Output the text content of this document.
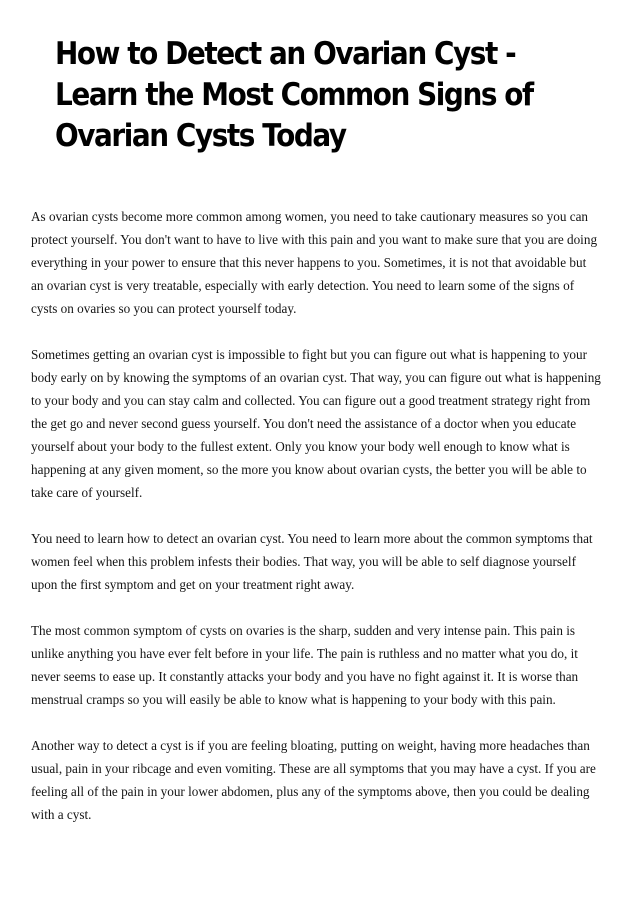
How to Detect an Ovarian Cyst - Learn the Most Common Signs of Ovarian Cysts Today

As ovarian cysts become more common among women, you need to take cautionary measures so you can protect yourself. You don't want to have to live with this pain and you want to make sure that you are doing everything in your power to ensure that this never happens to you. Sometimes, it is not that avoidable but an ovarian cyst is very treatable, especially with early detection. You need to learn some of the signs of cysts on ovaries so you can protect yourself today.

Sometimes getting an ovarian cyst is impossible to fight but you can figure out what is happening to your body early on by knowing the symptoms of an ovarian cyst. That way, you can figure out what is happening to your body and you can stay calm and collected. You can figure out a good treatment strategy right from the get go and never second guess yourself. You don't need the assistance of a doctor when you educate yourself about your body to the fullest extent. Only you know your body well enough to know what is happening at any given moment, so the more you know about ovarian cysts, the better you will be able to take care of yourself.

You need to learn how to detect an ovarian cyst. You need to learn more about the common symptoms that women feel when this problem infests their bodies. That way, you will be able to self diagnose yourself upon the first symptom and get on your treatment right away.

The most common symptom of cysts on ovaries is the sharp, sudden and very intense pain. This pain is unlike anything you have ever felt before in your life. The pain is ruthless and no matter what you do, it never seems to ease up. It constantly attacks your body and you have no fight against it. It is worse than menstrual cramps so you will easily be able to know what is happening to your body with this pain.

Another way to detect a cyst is if you are feeling bloating, putting on weight, having more headaches than usual, pain in your ribcage and even vomiting. These are all symptoms that you may have a cyst. If you are feeling all of the pain in your lower abdomen, plus any of the symptoms above, then you could be dealing with a cyst.
